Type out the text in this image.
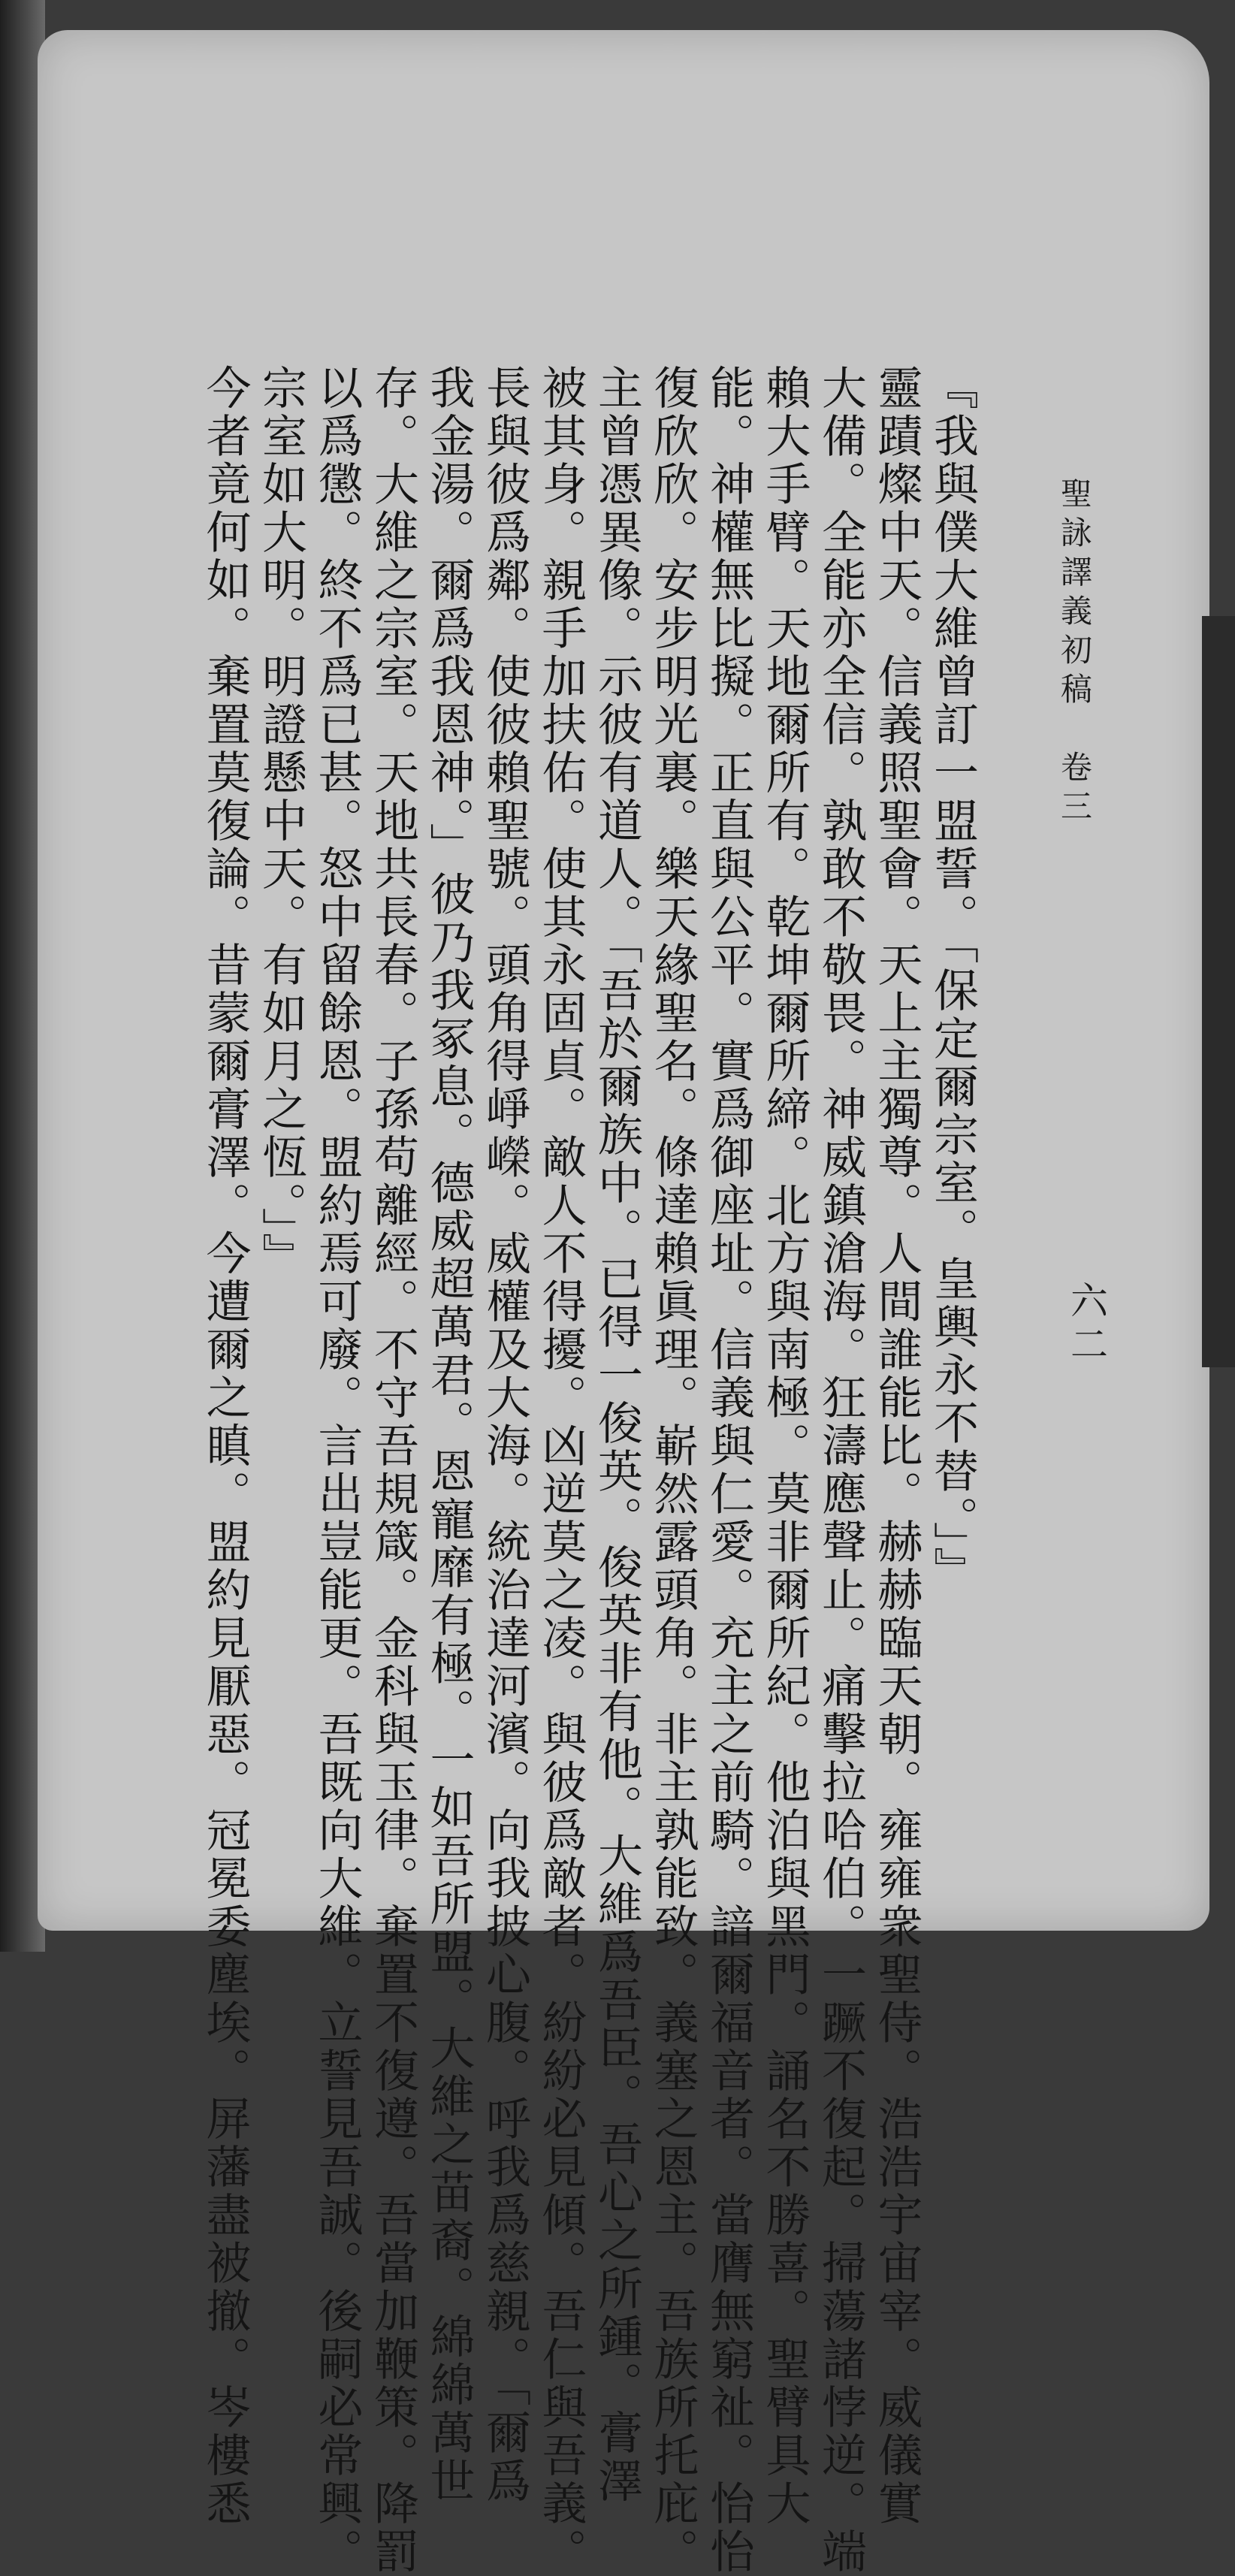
聖詠譯義初稿　卷三
六二
『我與僕大維曾訂一盟誓。「保定爾宗室。皇輿永不替。」』
靈蹟燦中天。信義照聖會。天上主獨尊。人間誰能比。赫赫臨天朝。雍雍衆聖侍。浩浩宇宙宰。威儀實
大備。全能亦全信。孰敢不敬畏。神威鎮滄海。狂濤應聲止。痛擊拉哈伯。一蹶不復起。掃蕩諸悖逆。端
賴大手臂。天地爾所有。乾坤爾所締。北方與南極。莫非爾所紀。他泊與黑門。誦名不勝喜。聖臂具大
能。神權無比擬。正直與公平。實爲御座址。信義與仁愛。充主之前騎。諳爾福音者。當膺無窮祉。怡怡
復欣欣。安步明光裏。樂天緣聖名。條達賴眞理。嶄然露頭角。非主孰能致。義塞之恩主。吾族所托庇。
主曾憑異像。示彼有道人。「吾於爾族中。已得一俊英。俊英非有他。大維爲吾臣。吾心之所鍾。膏澤
被其身。親手加扶佑。使其永固貞。敵人不得擾。凶逆莫之凌。與彼爲敵者。紛紛必見傾。吾仁與吾義。
長與彼爲鄰。使彼賴聖號。頭角得崢嶸。威權及大海。統治達河濱。向我披心腹。呼我爲慈親。「爾爲
我金湯。爾爲我恩神。」彼乃我冢息。德威超萬君。恩寵靡有極。一如吾所盟。大維之苗裔。綿綿萬世
存。大維之宗室。天地共長春。子孫苟離經。不守吾規箴。金科與玉律。棄置不復遵。吾當加鞭策。降罰
以爲懲。終不爲已甚。怒中留餘恩。盟約焉可廢。言出豈能更。吾既向大維。立誓見吾誠。後嗣必常興。
宗室如大明。明證懸中天。有如月之恆。」』
今者竟何如。棄置莫復論。昔蒙爾膏澤。今遭爾之瞋。盟約見厭惡。冠冕委塵埃。屏藩盡被撤。岑樓悉
